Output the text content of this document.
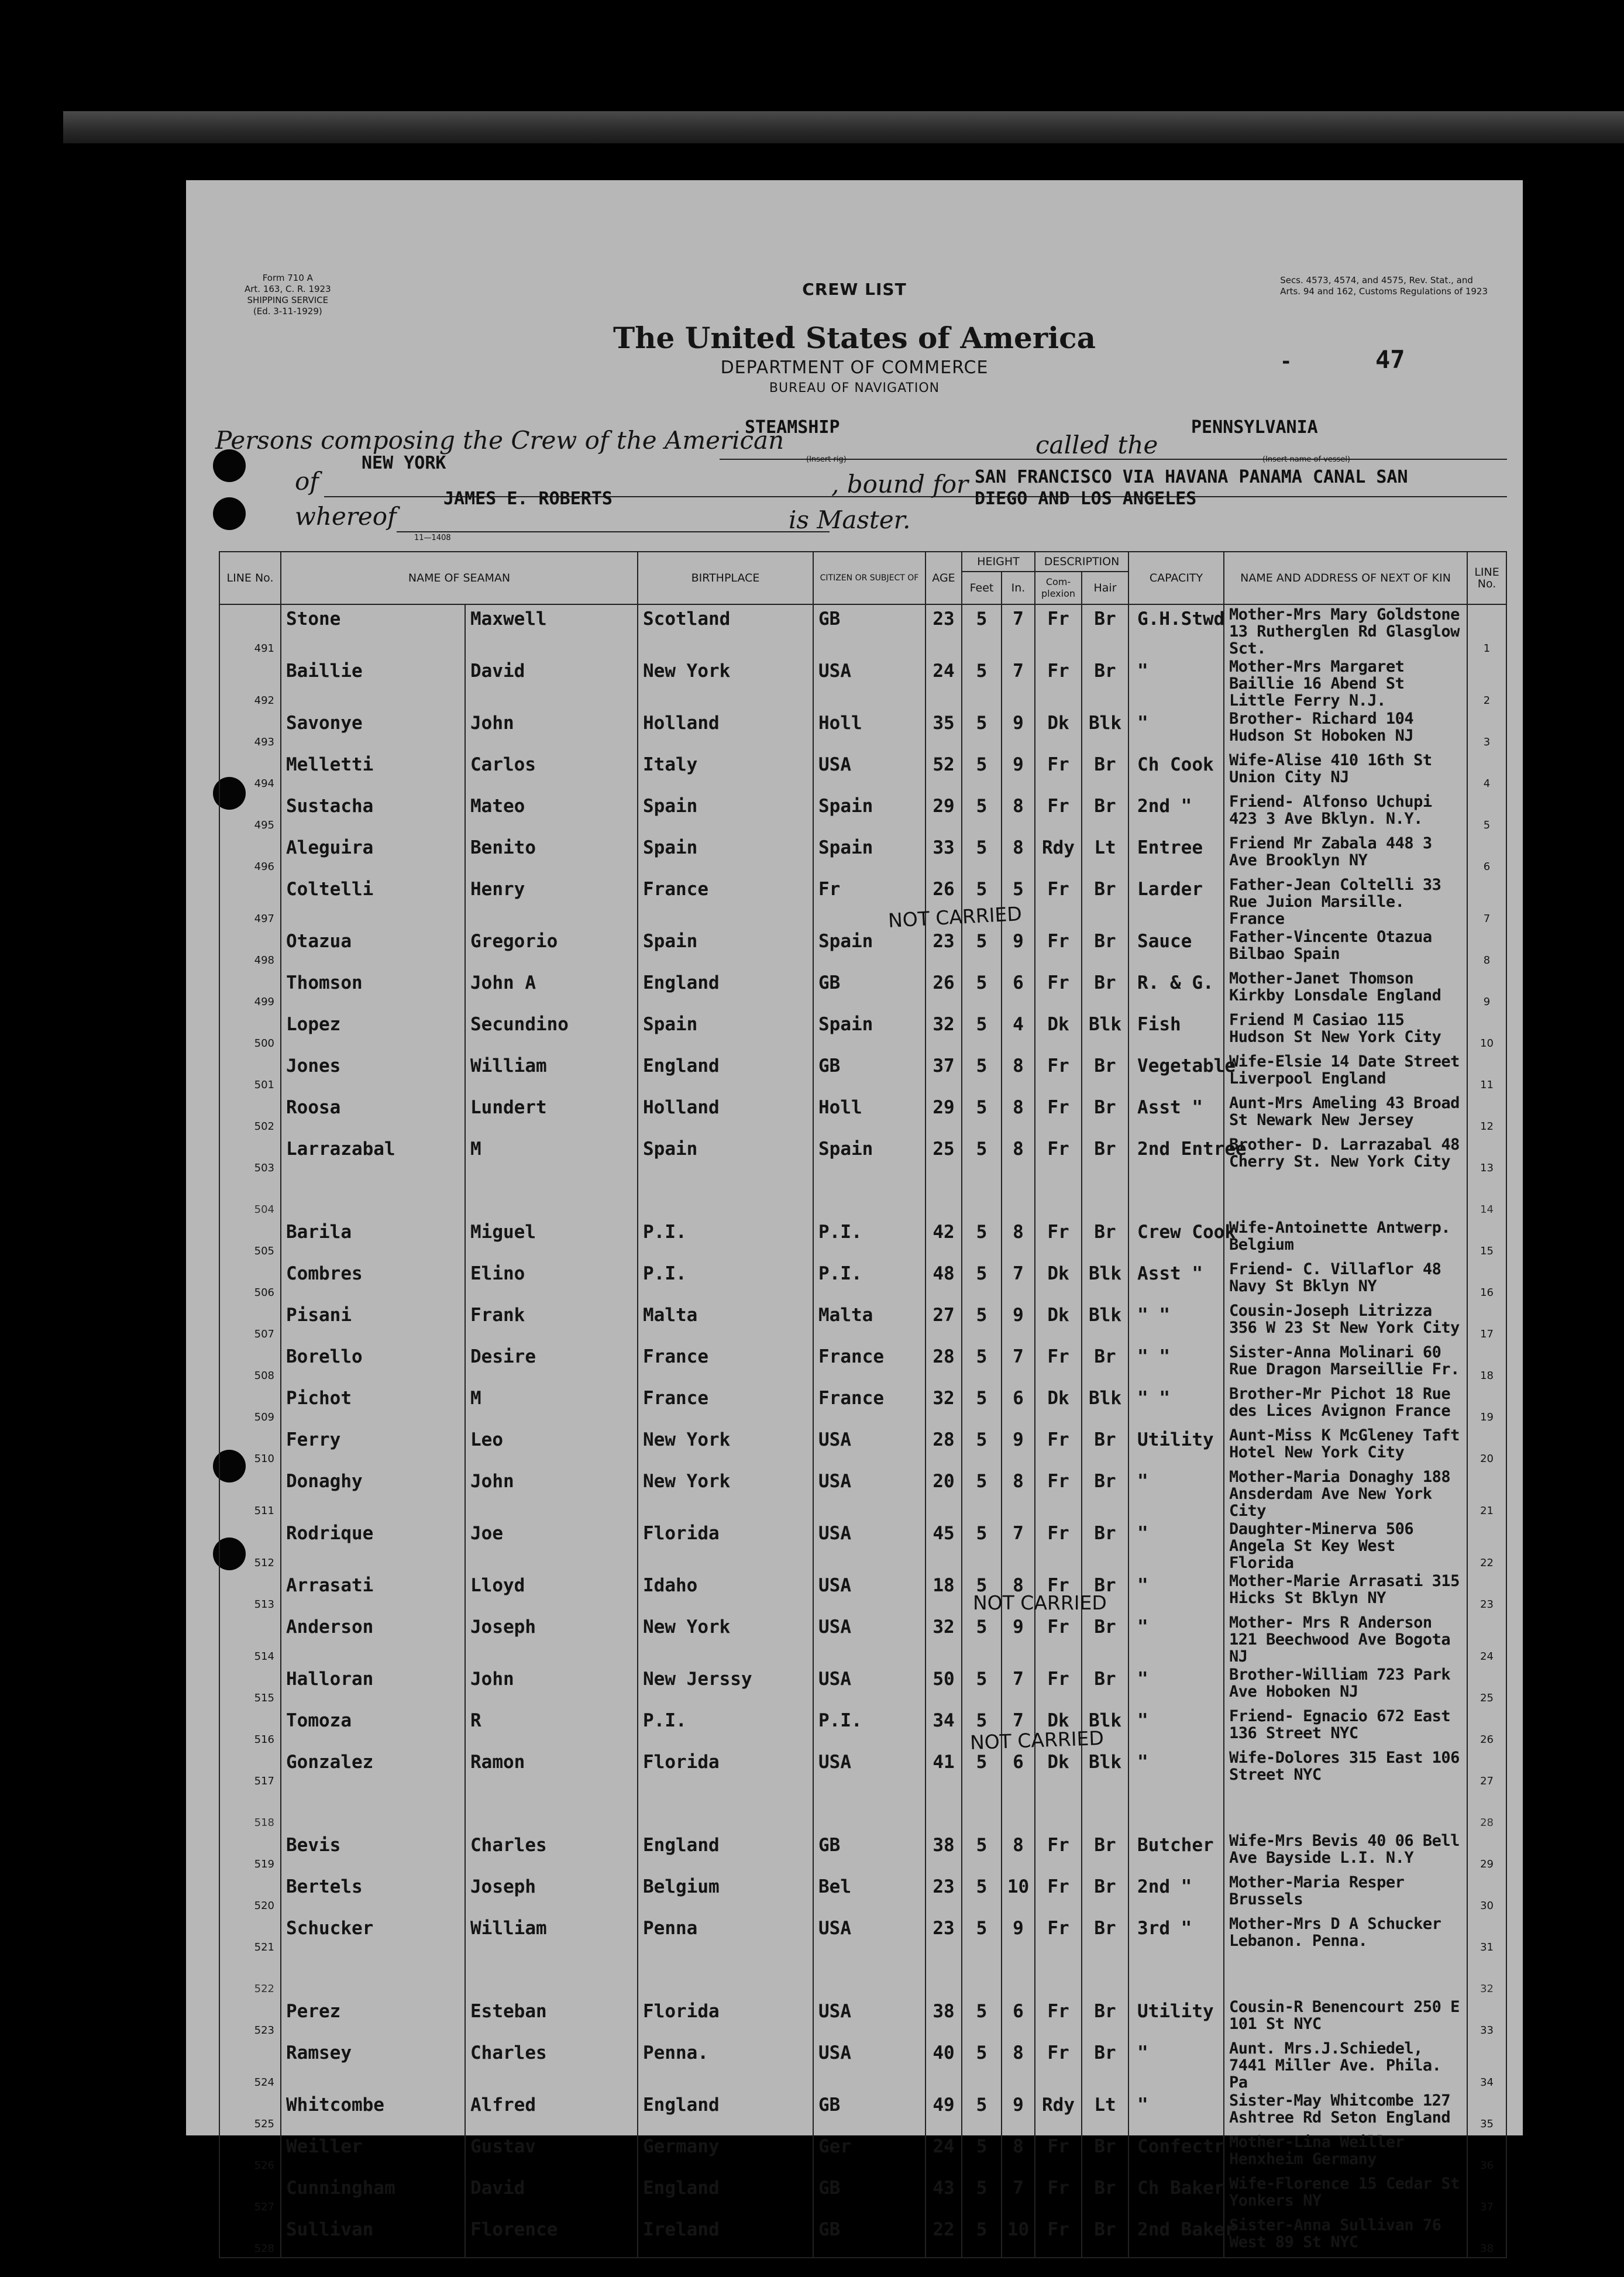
Form 710 A
Art. 163, C. R. 1923
SHIPPING SERVICE
(Ed. 3-11-1929)
Secs. 4573, 4574, and 4575, Rev. Stat., and
Arts. 94 and 162, Customs Regulations of 1923
CREW LIST
The United States of America
DEPARTMENT OF COMMERCE
BUREAU OF NAVIGATION
-	47
Persons composing the Crew of the American
STEAMSHIP
(Insert rig)
called the
PENNSYLVANIA
(Insert name of vessel)
of
NEW YORK
, bound for SAN FRANCISCO VIA HAVANA PANAMA CANAL SAN
whereof
JAMES E. ROBERTS	DIEGO AND LOS ANGELES
is Master.
11—1408
LINE No.	NAME OF SEAMAN		BIRTHPLACE	CITIZEN OR SUBJECT OF	AGE	HEIGHT		DESCRIPTION		CAPACITY	NAME AND ADDRESS OF NEXT OF KIN	LINE No.
						Feet	In.	Com-plexion	Hair			
491	Stone	Maxwell	Scotland	GB	23	5	7	Fr	Br	G.H.Stwd	Mother-Mrs Mary Goldstone 13 Rutherglen Rd Glasglow Sct.	1
492	Baillie	David	New York	USA	24	5	7	Fr	Br	"	Mother-Mrs Margaret Baillie 16 Abend St Little Ferry N.J.	2
493	Savonye	John	Holland	Holl	35	5	9	Dk	Blk	"	Brother- Richard 104 Hudson St Hoboken NJ	3
494	Melletti	Carlos	Italy	USA	52	5	9	Fr	Br	Ch Cook	Wife-Alise 410 16th St Union City NJ	4
495	Sustacha	Mateo	Spain	Spain	29	5	8	Fr	Br	2nd "	Friend- Alfonso Uchupi 423 3 Ave Bklyn. N.Y.	5
496	Aleguira	Benito	Spain	Spain	33	5	8	Rdy	Lt	Entree	Friend Mr Zabala 448 3 Ave Brooklyn NY	6
497	Coltelli	Henry	France	Fr	26	5	5	Fr	Br	Larder	Father-Jean Coltelli 33 Rue Juion Marsille. France	7
498	Otazua	Gregorio	Spain	Spain	23	5	9	Fr	Br	Sauce	Father-Vincente Otazua Bilbao Spain	8
499	Thomson	John A	England	GB	26	5	6	Fr	Br	R. & G.	Mother-Janet Thomson Kirkby Lonsdale England	9
500	Lopez	Secundino	Spain	Spain	32	5	4	Dk	Blk	Fish	Friend M Casiao 115 Hudson St New York City	10
501	Jones	William	England	GB	37	5	8	Fr	Br	Vegetable	Wife-Elsie 14 Date Street Liverpool England	11
502	Roosa	Lundert	Holland	Holl	29	5	8	Fr	Br	Asst "	Aunt-Mrs Ameling 43 Broad St Newark New Jersey	12
503	Larrazabal	M	Spain	Spain	25	5	8	Fr	Br	2nd Entree	Brother- D. Larrazabal 48 Cherry St. New York City	13
504												14
505	Barila	Miguel	P.I.	P.I.	42	5	8	Fr	Br	Crew Cook	Wife-Antoinette Antwerp. Belgium	15
506	Combres	Elino	P.I.	P.I.	48	5	7	Dk	Blk	Asst "	Friend- C. Villaflor 48 Navy St Bklyn NY	16
507	Pisani	Frank	Malta	Malta	27	5	9	Dk	Blk	" "	Cousin-Joseph Litrizza 356 W 23 St New York City	17
508	Borello	Desire	France	France	28	5	7	Fr	Br	" "	Sister-Anna Molinari 60 Rue Dragon Marseillie Fr.	18
509	Pichot	M	France	France	32	5	6	Dk	Blk	" "	Brother-Mr Pichot 18 Rue des Lices Avignon France	19
510	Ferry	Leo	New York	USA	28	5	9	Fr	Br	Utility	Aunt-Miss K McGleney Taft Hotel New York City	20
511	Donaghy	John	New York	USA	20	5	8	Fr	Br	"	Mother-Maria Donaghy 188 Ansderdam Ave New York City	21
512	Rodrique	Joe	Florida	USA	45	5	7	Fr	Br	"	Daughter-Minerva 506 Angela St Key West Florida	22
513	Arrasati	Lloyd	Idaho	USA	18	5	8	Fr	Br	"	Mother-Marie Arrasati 315 Hicks St Bklyn NY	23
514	Anderson	Joseph	New York	USA	32	5	9	Fr	Br	"	Mother- Mrs R Anderson 121 Beechwood Ave Bogota NJ	24
515	Halloran	John	New Jerssy	USA	50	5	7	Fr	Br	"	Brother-William 723 Park Ave Hoboken NJ	25
516	Tomoza	R	P.I.	P.I.	34	5	7	Dk	Blk	"	Friend- Egnacio 672 East 136 Street NYC	26
517	Gonzalez	Ramon	Florida	USA	41	5	6	Dk	Blk	"	Wife-Dolores 315 East 106 Street NYC	27
518												28
519	Bevis	Charles	England	GB	38	5	8	Fr	Br	Butcher	Wife-Mrs Bevis 40 06 Bell Ave Bayside L.I. N.Y	29
520	Bertels	Joseph	Belgium	Bel	23	5	10	Fr	Br	2nd "	Mother-Maria Resper Brussels	30
521	Schucker	William	Penna	USA	23	5	9	Fr	Br	3rd "	Mother-Mrs D A Schucker Lebanon. Penna.	31
522												32
523	Perez	Esteban	Florida	USA	38	5	6	Fr	Br	Utility	Cousin-R Benencourt 250 E 101 St NYC	33
524	Ramsey	Charles	Penna.	USA	40	5	8	Fr	Br	"	Aunt. Mrs.J.Schiedel, 7441 Miller Ave. Phila. Pa	34
525	Whitcombe	Alfred	England	GB	49	5	9	Rdy	Lt	"	Sister-May Whitcombe 127 Ashtree Rd Seton England	35
526	Weiller	Gustav	Germany	Ger	24	5	8	Fr	Br	Confectr	Mother-Lina Weiller Henxheim Germany	36
527	Cunningham	David	England	GB	43	5	7	Fr	Br	Ch Baker	Wife-Florence 15 Cedar St Yonkers NY	37
528	Sullivan	Florence	Ireland	GB	22	5	10	Fr	Br	2nd Baker	Sister-Anna Sullivan 76 West 89 St NYC	38
NOT CARRIED
NOT CARRIED
NOT CARRIED
